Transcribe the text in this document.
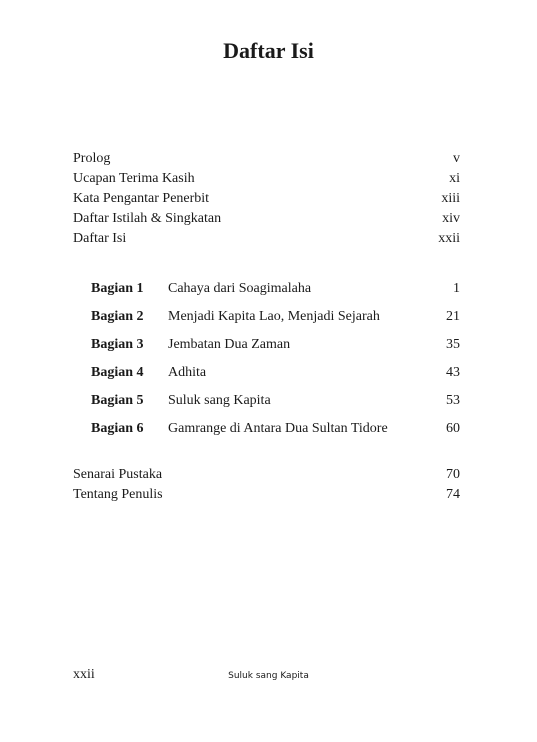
Daftar Isi
Prolog	v
Ucapan Terima Kasih	xi
Kata Pengantar Penerbit	xiii
Daftar Istilah & Singkatan	xiv
Daftar Isi	xxii
Bagian 1	Cahaya dari Soagimalaha	1
Bagian 2	Menjadi Kapita Lao, Menjadi Sejarah	21
Bagian 3	Jembatan Dua Zaman	35
Bagian 4	Adhita	43
Bagian 5	Suluk sang Kapita	53
Bagian 6	Gamrange di Antara Dua Sultan Tidore	60
Senarai Pustaka	70
Tentang Penulis	74
xxii	Suluk sang Kapita
